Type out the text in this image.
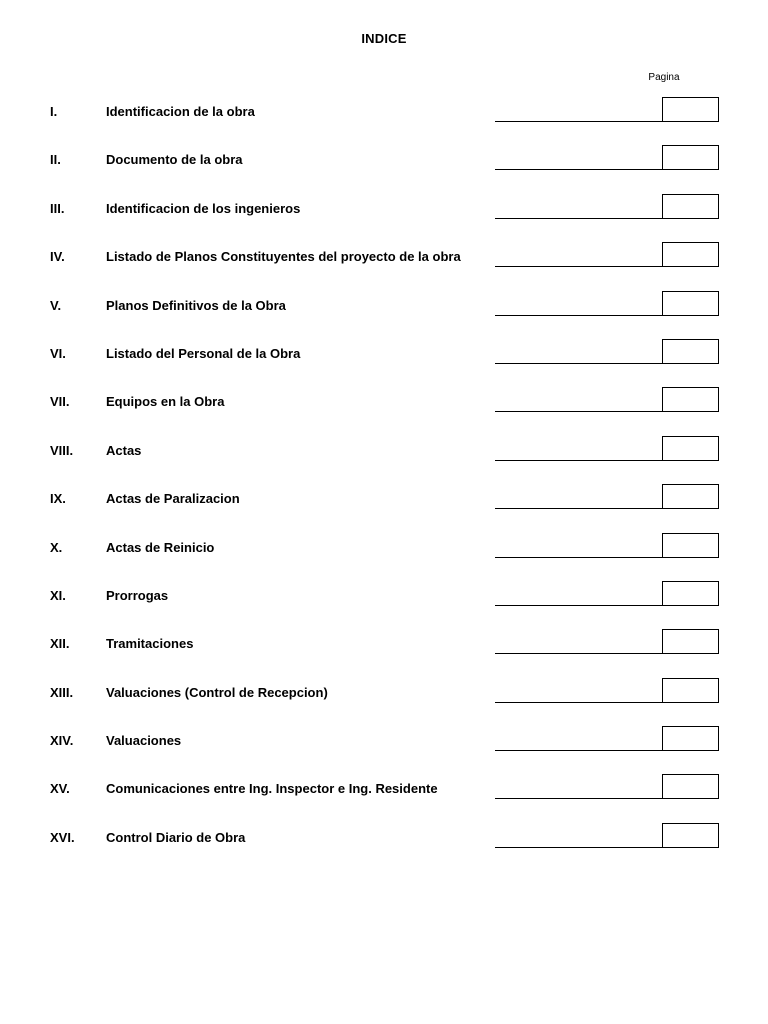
INDICE
Pagina
I.	Identificacion de la obra
II.	Documento de la obra
III.	Identificacion de los ingenieros
IV.	Listado de Planos Constituyentes del proyecto de la obra
V.	Planos Definitivos de la Obra
VI.	Listado del Personal de la Obra
VII.	Equipos en la Obra
VIII.	Actas
IX.	Actas de Paralizacion
X.	Actas de Reinicio
XI.	Prorrogas
XII.	Tramitaciones
XIII.	Valuaciones (Control de Recepcion)
XIV.	Valuaciones
XV.	Comunicaciones entre Ing. Inspector e Ing. Residente
XVI. Control Diario de Obra
